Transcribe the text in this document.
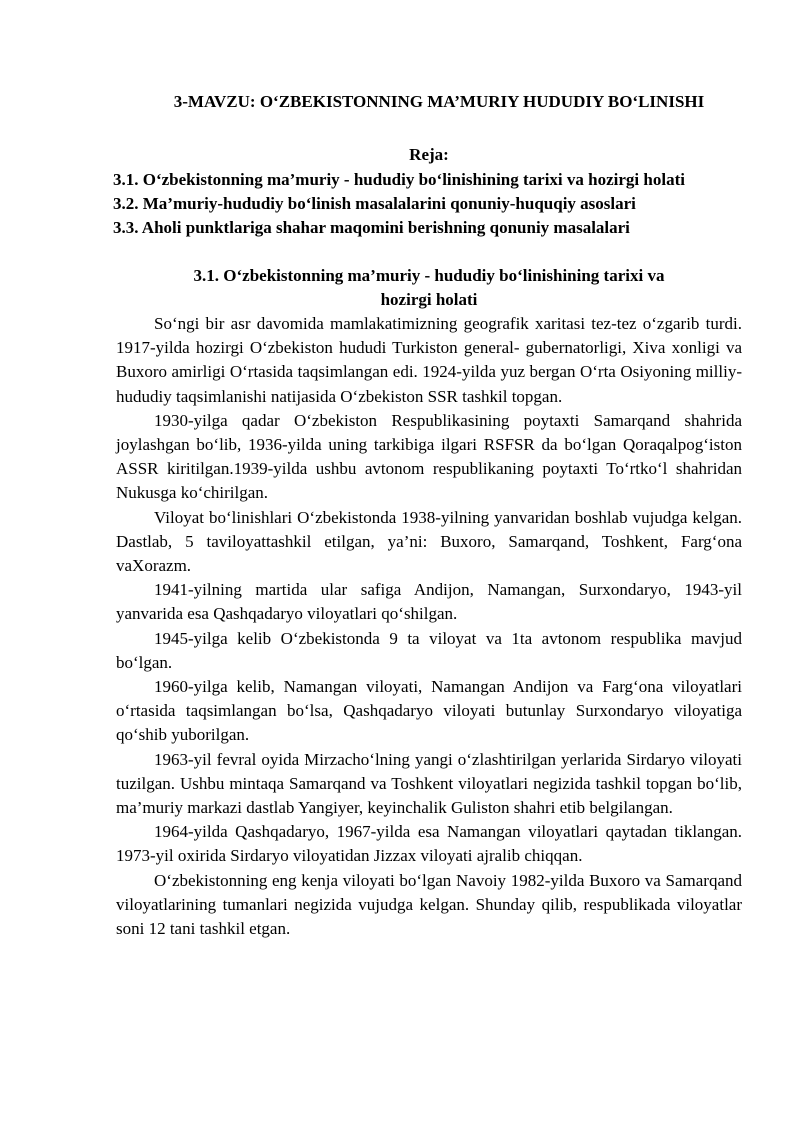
3-MAVZU: O‘ZBEKISTONNING MA’MURIY HUDUDIY BO‘LINISHI
Reja:
3.1. O‘zbekistonning ma’muriy - hududiy bo‘linishining tarixi va hozirgi holati
3.2. Ma’muriy-hududiy bo‘linish masalalarini qonuniy-huquqiy asoslari
3.3. Aholi punktlariga shahar maqomini berishning qonuniy masalalari
3.1. O‘zbekistonning ma’muriy - hududiy bo‘linishining tarixi va
hozirgi holati

So‘ngi bir asr davomida mamlakatimizning geografik xaritasi tez-tez o‘zgarib turdi. 1917-yilda hozirgi O‘zbekiston hududi Turkiston general- gubernatorligi, Xiva xonligi va Buxoro amirligi O‘rtasida taqsimlangan edi. 1924-yilda yuz bergan O‘rta Osiyoning milliy-hududiy taqsimlanishi natijasida O‘zbekiston SSR tashkil topgan.

1930-yilga qadar O‘zbekiston Respublikasining poytaxti Samarqand shahrida joylashgan bo‘lib, 1936-yilda uning tarkibiga ilgari RSFSR da bo‘lgan Qoraqalpog‘iston ASSR kiritilgan.1939-yilda ushbu avtonom respublikaning poytaxti To‘rtko‘l shahridan Nukusga ko‘chirilgan.

Viloyat bo‘linishlari O‘zbekistonda 1938-yilning yanvaridan boshlab vujudga kelgan. Dastlab, 5 taviloyattashkil etilgan, ya’ni: Buxoro, Samarqand, Toshkent, Farg‘ona vaXorazm.

1941-yilning martida ular safiga Andijon, Namangan, Surxondaryo, 1943-yil yanvarida esa Qashqadaryo viloyatlari qo‘shilgan.

1945-yilga kelib O‘zbekistonda 9 ta viloyat va 1ta avtonom respublika mavjud bo‘lgan.

1960-yilga kelib, Namangan viloyati, Namangan Andijon va Farg‘ona viloyatlari o‘rtasida taqsimlangan bo‘lsa, Qashqadaryo viloyati butunlay Surxondaryo viloyatiga qo‘shib yuborilgan.

1963-yil fevral oyida Mirzacho‘lning yangi o‘zlashtirilgan yerlarida Sirdaryo viloyati tuzilgan. Ushbu mintaqa Samarqand va Toshkent viloyatlari negizida tashkil topgan bo‘lib, ma’muriy markazi dastlab Yangiyer, keyinchalik Guliston shahri etib belgilangan.

1964-yilda Qashqadaryo, 1967-yilda esa Namangan viloyatlari qaytadan tiklangan. 1973-yil oxirida Sirdaryo viloyatidan Jizzax viloyati ajralib chiqqan.

O‘zbekistonning eng kenja viloyati bo‘lgan Navoiy 1982-yilda Buxoro va Samarqand viloyatlarining tumanlari negizida vujudga kelgan. Shunday qilib, respublikada viloyatlar soni 12 tani tashkil etgan.
